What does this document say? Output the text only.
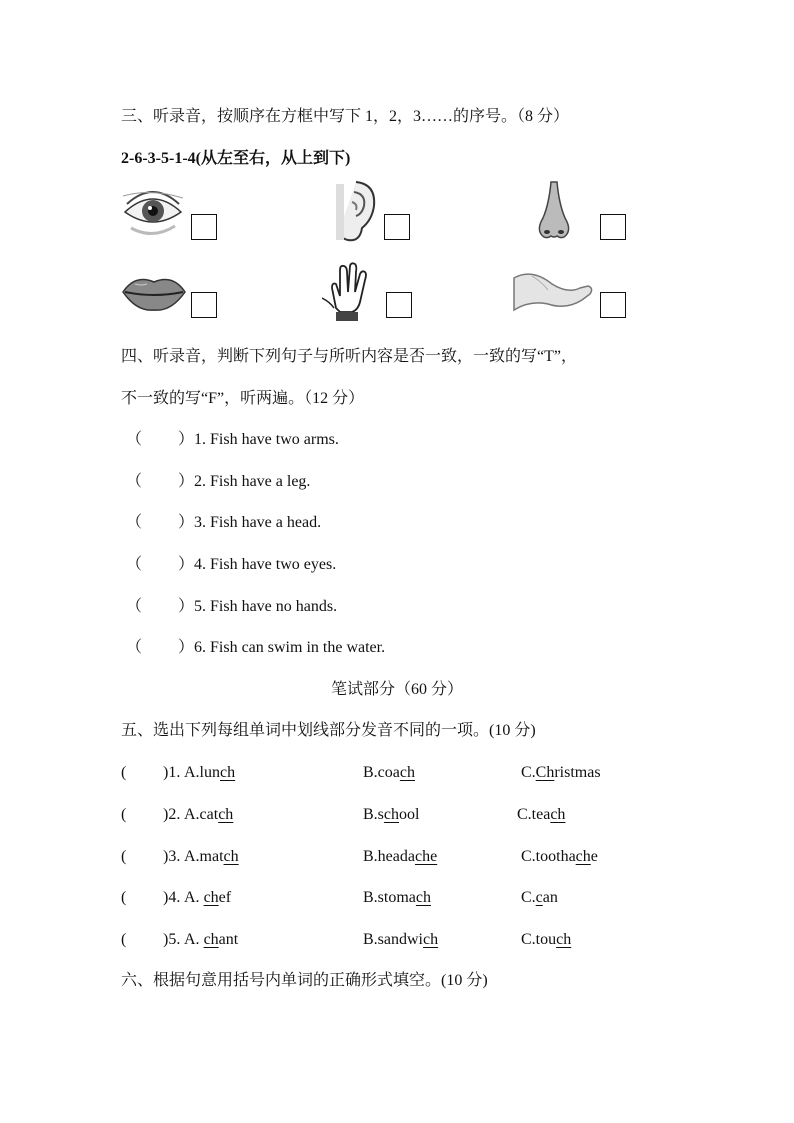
三、听录音，按顺序在方框中写下 1，2，3……的序号。（8 分）
2-6-3-5-1-4(从左至右，从上到下)
四、听录音，判断下列句子与所听内容是否一致，一致的写“T”，
不一致的写“F”，听两遍。（12 分）
（ ） 1. Fish have two arms.
（ ） 2. Fish have a leg.
（ ） 3. Fish have a head.
（ ） 4. Fish have two eyes.
（ ） 5. Fish have no hands.
（ ） 6. Fish can swim in the water.
笔试部分（60 分）
五、选出下列每组单词中划线部分发音不同的一项。(10 分)
( )1. A.lunch	B.coach	C.Christmas
( )2. A.catch	B.school	C.teach
( )3. A.match	B.headаche	C.toothache
( )4. A. chef	B.stomach	C.can
( )5. A. chant	B.sandwich	C.touch
六、根据句意用括号内单词的正确形式填空。(10 分)
